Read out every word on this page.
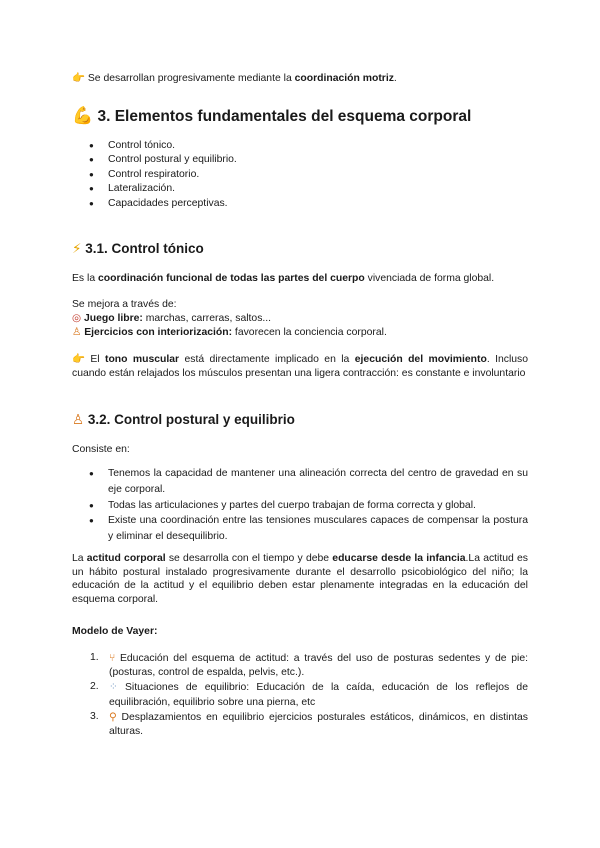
👉 Se desarrollan progresivamente mediante la coordinación motriz.

💪 3. Elementos fundamentales del esquema corporal
● Control tónico.
● Control postural y equilibrio.
● Control respiratorio.
● Lateralización.
● Capacidades perceptivas.
⚡ 3.1. Control tónico

Es la coordinación funcional de todas las partes del cuerpo vivenciada de forma global.

Se mejora a través de:

◎ Juego libre: marchas, carreras, saltos...

♙ Ejercicios con interiorización: favorecen la conciencia corporal.

👉 El tono muscular está directamente implicado en la ejecución del movimiento. Incluso cuando están relajados los músculos presentan una ligera contracción: es constante e involuntario

♙ 3.2. Control postural y equilibrio

Consiste en:

● Tenemos la capacidad de mantener una alineación correcta del centro de gravedad en su eje corporal.
● Todas las articulaciones y partes del cuerpo trabajan de forma correcta y global.
● Existe una coordinación entre las tensiones musculares capaces de compensar la postura y eliminar el desequilibrio.

La actitud corporal se desarrolla con el tiempo y debe educarse desde la infancia.La actitud es un hábito postural instalado progresivamente durante el desarrollo psicobiológico del niño; la educación de la actitud y el equilibrio deben estar plenamente integradas en la educación del esquema corporal.

Modelo de Vayer:

1. ⑂ Educación del esquema de actitud: a través del uso de posturas sedentes y de pie: (posturas, control de espalda, pelvis, etc.).
2. ⁘ Situaciones de equilibrio: Educación de la caída, educación de los reflejos de equilibración, equilibrio sobre una pierna, etc
3. ⚲ Desplazamientos en equilibrio ejercicios posturales estáticos, dinámicos, en distintas alturas.
